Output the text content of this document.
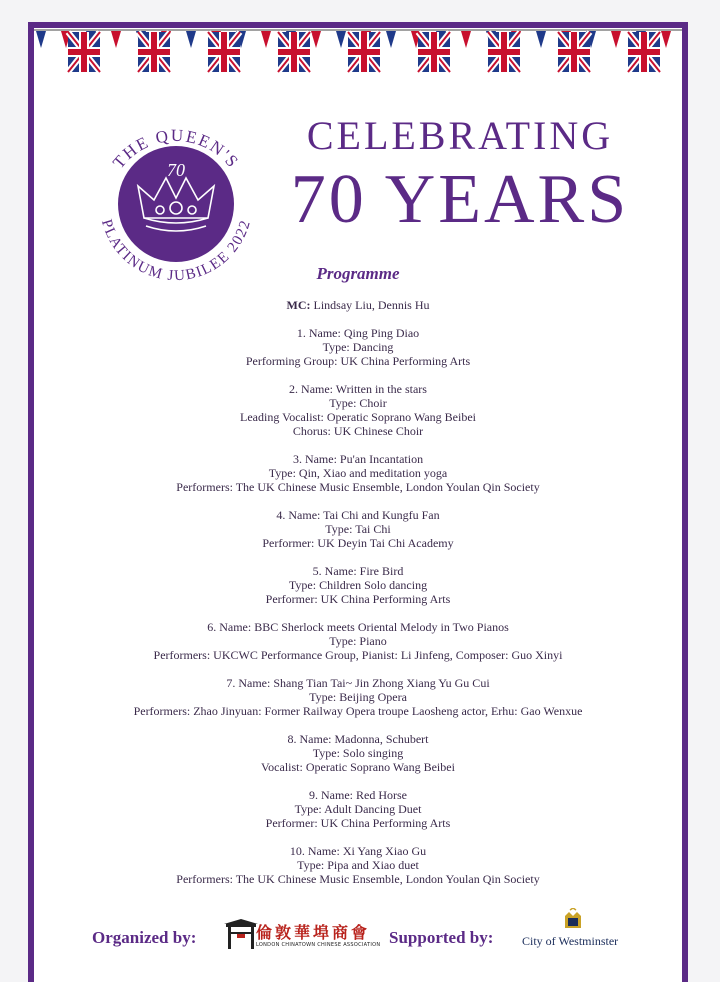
THE QUEEN'S
PLATINUM JUBILEE 2022
70
CELEBRATING
70 YEARS
Programme
MC: Lindsay Liu, Dennis Hu
1. Name: Qing Ping Diao
Type: Dancing
Performing Group: UK China Performing Arts
2. Name: Written in the stars
Type: Choir
Leading Vocalist: Operatic Soprano Wang Beibei
Chorus: UK Chinese Choir
3. Name: Pu'an Incantation
Type: Qin, Xiao and meditation yoga
Performers: The UK Chinese Music Ensemble, London Youlan Qin Society
4. Name: Tai Chi and Kungfu Fan
Type: Tai Chi
Performer: UK Deyin Tai Chi Academy
5. Name: Fire Bird
Type: Children Solo dancing
Performer: UK China Performing Arts
6. Name: BBC Sherlock meets Oriental Melody in Two Pianos
Type: Piano
Performers: UKCWC Performance Group, Pianist: Li Jinfeng, Composer: Guo Xinyi
7. Name: Shang Tian Tai~ Jin Zhong Xiang Yu Gu Cui
Type: Beijing Opera
Performers: Zhao Jinyuan: Former Railway Opera troupe Laosheng actor, Erhu: Gao Wenxue
8. Name: Madonna, Schubert
Type: Solo singing
Vocalist: Operatic Soprano Wang Beibei
9. Name: Red Horse
Type: Adult Dancing Duet
Performer: UK China Performing Arts
10. Name: Xi Yang Xiao Gu
Type: Pipa and Xiao duet
Performers: The UK Chinese Music Ensemble, London Youlan Qin Society
Organized by:	倫敦華埠商會
LONDON CHINATOWN CHINESE ASSOCIATION Supported by: City of Westminster
